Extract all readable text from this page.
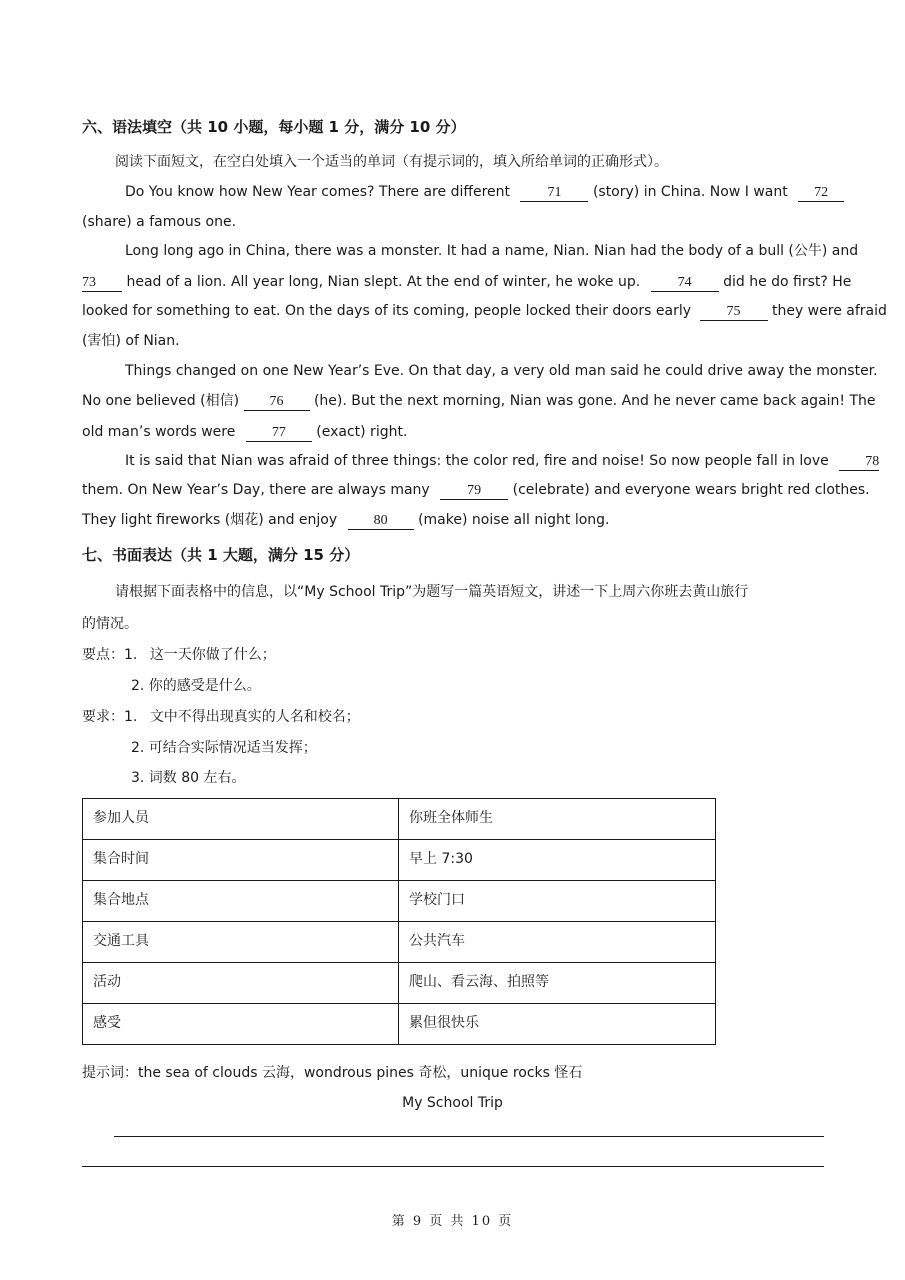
六、语法填空（共 10 小题，每小题 1 分，满分 10 分）
阅读下面短文，在空白处填入一个适当的单词（有提示词的，填入所给单词的正确形式）。
Do You know how New Year comes? There are different	71 (story) in China. Now I want 72
(share) a famous one.
Long long ago in China, there was a monster. It had a name, Nian. Nian had the body of a bull (公牛) and
73 head of a lion. All year long, Nian slept. At the end of winter, he woke up.	74 did he do first? He
looked for something to eat. On the days of its coming, people locked their doors early	75 they were afraid
(害怕) of Nian.
Things changed on one New Year’s Eve. On that day, a very old man said he could drive away the monster.
No one believed (相信) 76 (he). But the next morning, Nian was gone. And he never came back again! The
old man’s words were	77 (exact) right.
It is said that Nian was afraid of three things: the color red, fire and noise! So now people fall in love	78
them. On New Year’s Day, there are always many	79 (celebrate) and everyone wears bright red clothes.
They light fireworks (烟花) and enjoy	80 (make) noise all night long.
七、书面表达（共 1 大题，满分 15 分）
请根据下面表格中的信息，以“My School Trip”为题写一篇英语短文，讲述一下上周六你班去黄山旅行
的情况。
要点：1. 这一天你做了什么；
2. 你的感受是什么。
要求：1. 文中不得出现真实的人名和校名；
2. 可结合实际情况适当发挥；
3. 词数 80 左右。
参加人员	你班全体师生
集合时间	早上 7:30
集合地点	学校门口
交通工具	公共汽车
活动	爬山、看云海、拍照等
感受	累但很快乐
提示词：the sea of clouds 云海，wondrous pines 奇松，unique rocks 怪石
My School Trip
第 9 页 共 10 页
